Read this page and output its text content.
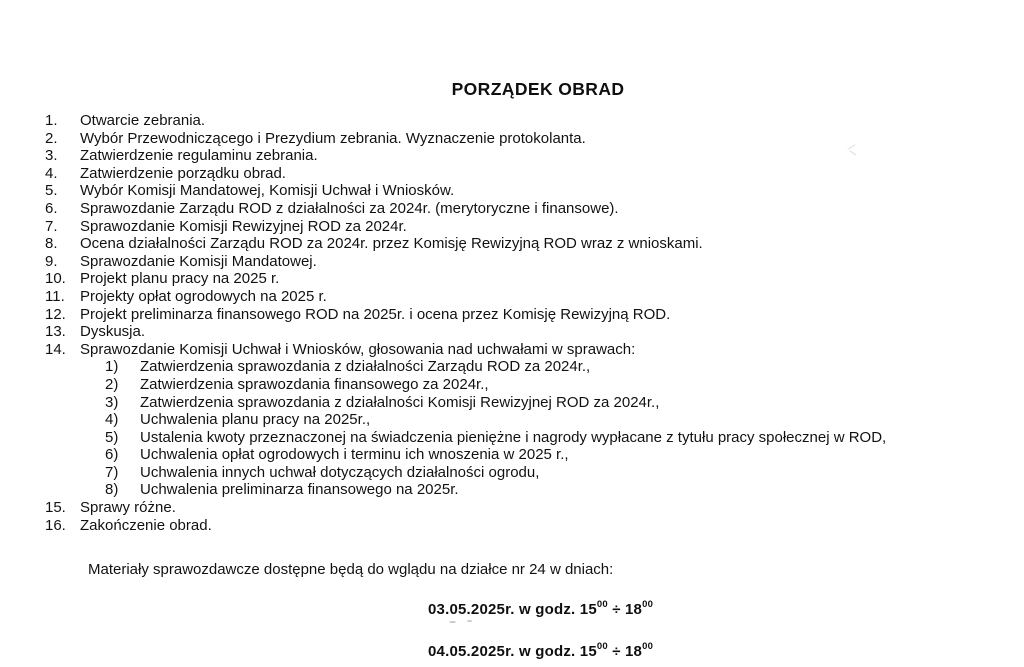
PORZĄDEK OBRAD
1.	Otwarcie zebrania.
2.	Wybór Przewodniczącego i Prezydium zebrania. Wyznaczenie protokolanta.
3.	Zatwierdzenie regulaminu zebrania.
4.	Zatwierdzenie porządku obrad.
5.	Wybór Komisji Mandatowej, Komisji Uchwał i Wniosków.
6.	Sprawozdanie Zarządu ROD z działalności za 2024r. (merytoryczne i finansowe).
7.	Sprawozdanie Komisji Rewizyjnej ROD za 2024r.
8.	Ocena działalności Zarządu ROD za 2024r. przez Komisję Rewizyjną ROD wraz z wnioskami.
9.	Sprawozdanie Komisji Mandatowej.
10. Projekt planu pracy na 2025 r.
11.	Projekty opłat ogrodowych na 2025 r.
12. Projekt preliminarza finansowego ROD na 2025r. i ocena przez Komisję Rewizyjną ROD.
13. Dyskusja.
14. Sprawozdanie Komisji Uchwał i Wniosków, głosowania nad uchwałami w sprawach:
1)	Zatwierdzenia sprawozdania z działalności Zarządu ROD za 2024r.,
2)	Zatwierdzenia sprawozdania finansowego za 2024r.,
3)	Zatwierdzenia sprawozdania z działalności Komisji Rewizyjnej ROD za 2024r.,
4)	Uchwalenia planu pracy na 2025r.,
5)	Ustalenia kwoty przeznaczonej na świadczenia pieniężne i nagrody wypłacane z tytułu pracy społecznej w ROD,
6)	Uchwalenia opłat ogrodowych i terminu ich wnoszenia w 2025 r.,
7)	Uchwalenia innych uchwał dotyczących działalności ogrodu,
8)	Uchwalenia preliminarza finansowego na 2025r.
15. Sprawy różne.
16. Zakończenie obrad.
Materiały sprawozdawcze dostępne będą do wglądu na działce nr 24 w dniach:
03.05.2025r. w godz. $15^{00} \div 18^{00}$
04.05.2025r. w godz. $15^{00} \div 18^{00}$
